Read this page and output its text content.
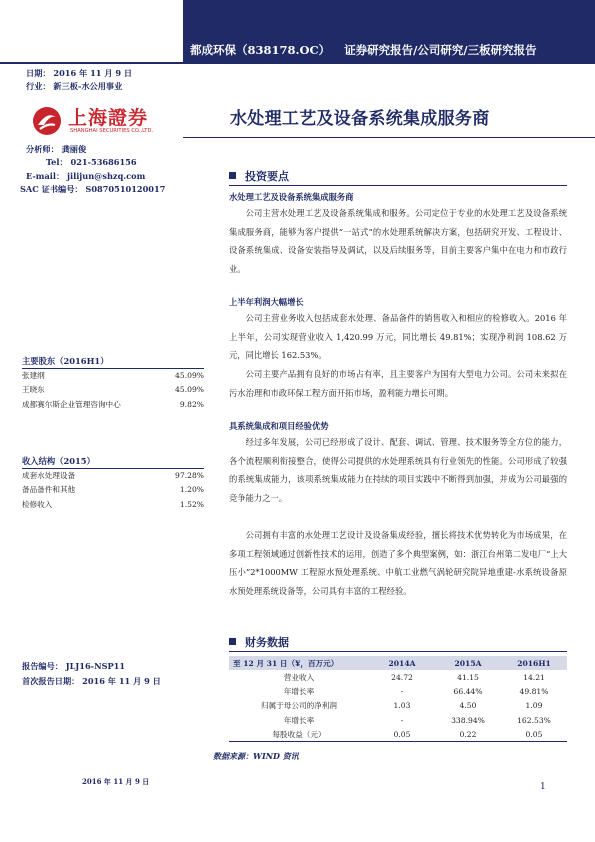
都成环保（838178.OC） 证券研究报告/公司研究/三板研究报告
日期： 2016 年 11 月 9 日
行业： 新三板-水公用事业
上海證券
SHANGHAI SECURITIES CO.,LTD.
分析师： 龚丽俊
Tel： 021-53686156
E-mail： jilijun@shzq.com
SAC 证书编号： S0870510120017
水处理工艺及设备系统集成服务商
投资要点
水处理工艺及设备系统集成服务商
公司主营水处理工艺及设备系统集成和服务。公司定位于专业的水处理工艺及设备系统集成服务商，能够为客户提供“一站式”的水处理系统解决方案，包括研究开发、工程设计、设备系统集成、设备安装指导及调试，以及后续服务等，目前主要客户集中在电力和市政行业。
上半年利润大幅增长
公司主营业务收入包括成套水处理、备品备件的销售收入和相应的检修收入。2016 年上半年，公司实现营业收入 1,420.99 万元，同比增长 49.81%；实现净利润 108.62 万元，同比增长 162.53%。
公司主要产品拥有良好的市场占有率，且主要客户为国有大型电力公司。公司未来拟在污水治理和市政环保工程方面开拓市场，盈利能力增长可期。
具系统集成和项目经验优势
经过多年发展，公司已经形成了设计、配套、调试、管理、技术服务等全方位的能力，各个流程顺利衔接整合，使得公司提供的水处理系统具有行业领先的性能。公司形成了较强的系统集成能力，该项系统集成能力在持续的项目实践中不断得到加强，并成为公司最强的竞争能力之一。
公司拥有丰富的水处理工艺设计及设备集成经验，擅长将技术优势转化为市场成果，在多项工程领域通过创新性技术的运用，创造了多个典型案例，如：浙江台州第二发电厂“上大压小”2*1000MW 工程原水预处理系统、中航工业燃气涡轮研究院异地重建-水系统设备原水预处理系统设备等，公司具有丰富的工程经验。
主要股东（2016H1）
张建纲	45.09%
王晓东	45.09%
成都赛尔斯企业管理咨询中心	9.82%
收入结构（2015）
成套水处理设备	97.28%
备品备件和其他	1.20%
检修收入	1.52%
报告编号： JLJ16-NSP11
首次报告日期： 2016 年 11 月 9 日
财务数据
至 12 月 31 日（¥，百万元）	2014A	2015A	2016H1
营业收入	24.72	41.15	14.21
年增长率	-	66.44%	49.81%
归属于母公司的净利润	1.03	4.50	1.09
年增长率	-	338.94%	162.53%
每股收益（元）	0.05	0.22	0.05
数据来源：WIND 资讯
2016 年 11 月 9 日
1
